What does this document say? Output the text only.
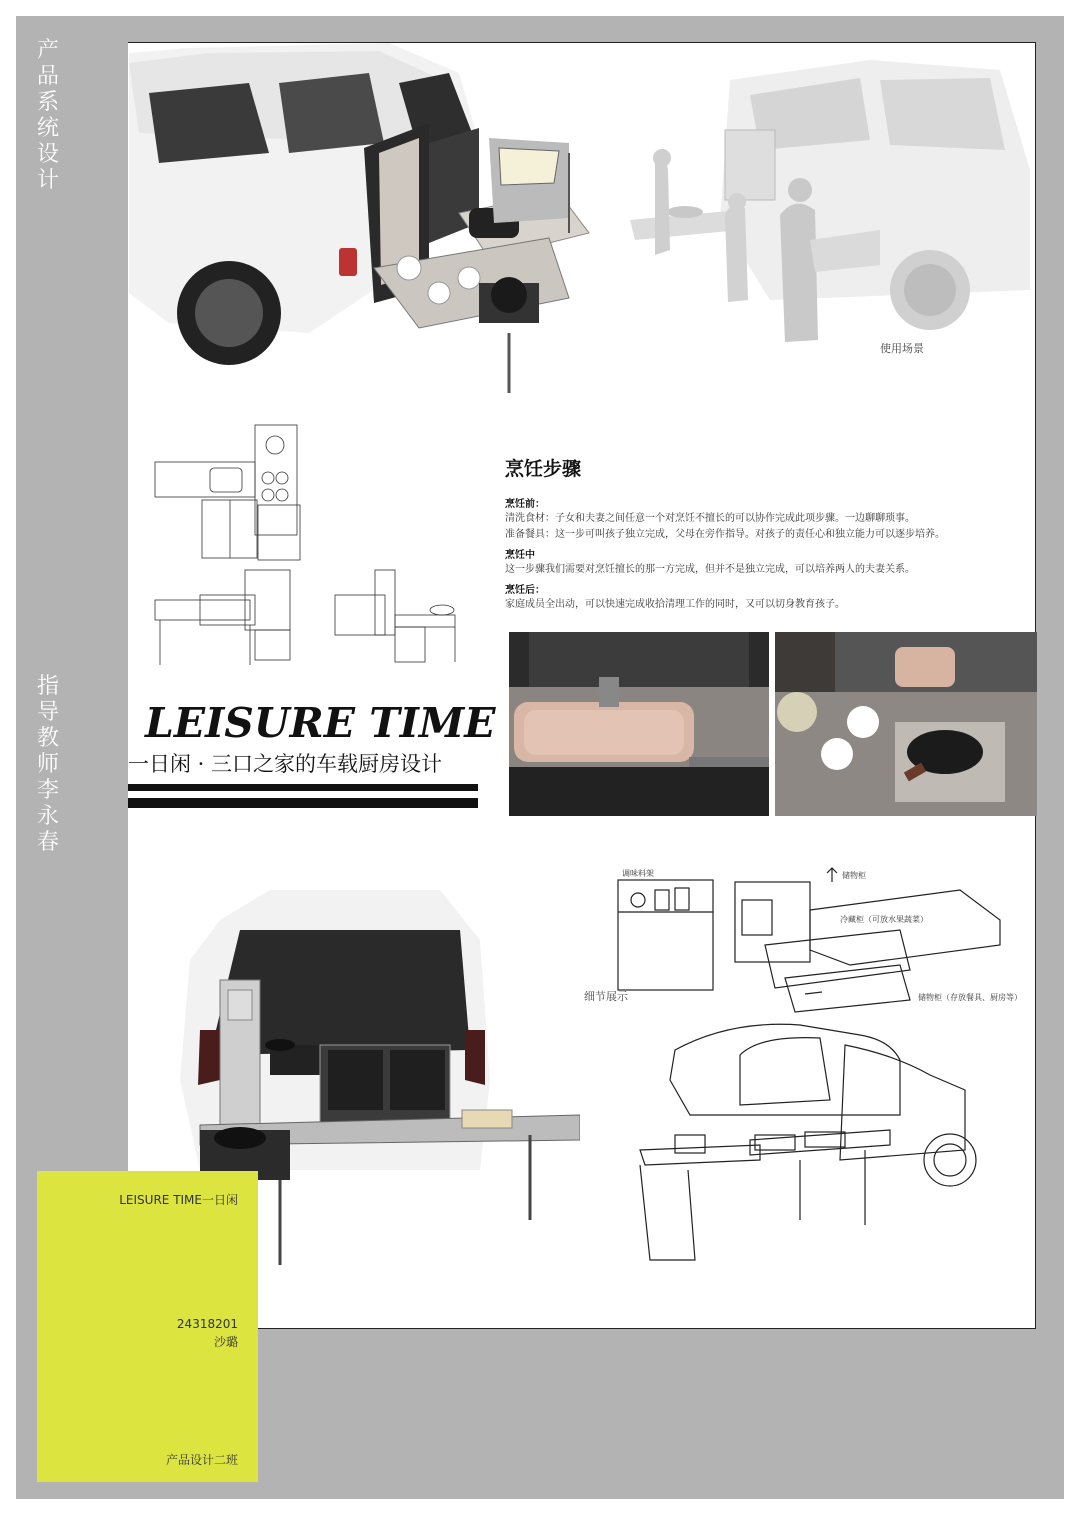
产
品
系
统
设
计
指
导
教
师
李
永
春
使用场景
烹饪步骤
烹饪前：
清洗食材：子女和夫妻之间任意一个对烹饪不擅长的可以协作完成此项步骤。一边聊聊琐事。
准备餐具：这一步可叫孩子独立完成，父母在旁作指导。对孩子的责任心和独立能力可以逐步培养。
烹饪中
这一步骤我们需要对烹饪擅长的那一方完成，但并不是独立完成，可以培养两人的夫妻关系。
烹饪后：
家庭成员全出动，可以快速完成收拾清理工作的同时，又可以切身教育孩子。
LEISURE TIME
一日闲 · 三口之家的车载厨房设计
细节展示
调味料架	储物柜
冷藏柜（可放水果蔬菜）
储物柜（存放餐具、厨房等）
LEISURE TIME一日闲
24318201
沙璐
产品设计二班
